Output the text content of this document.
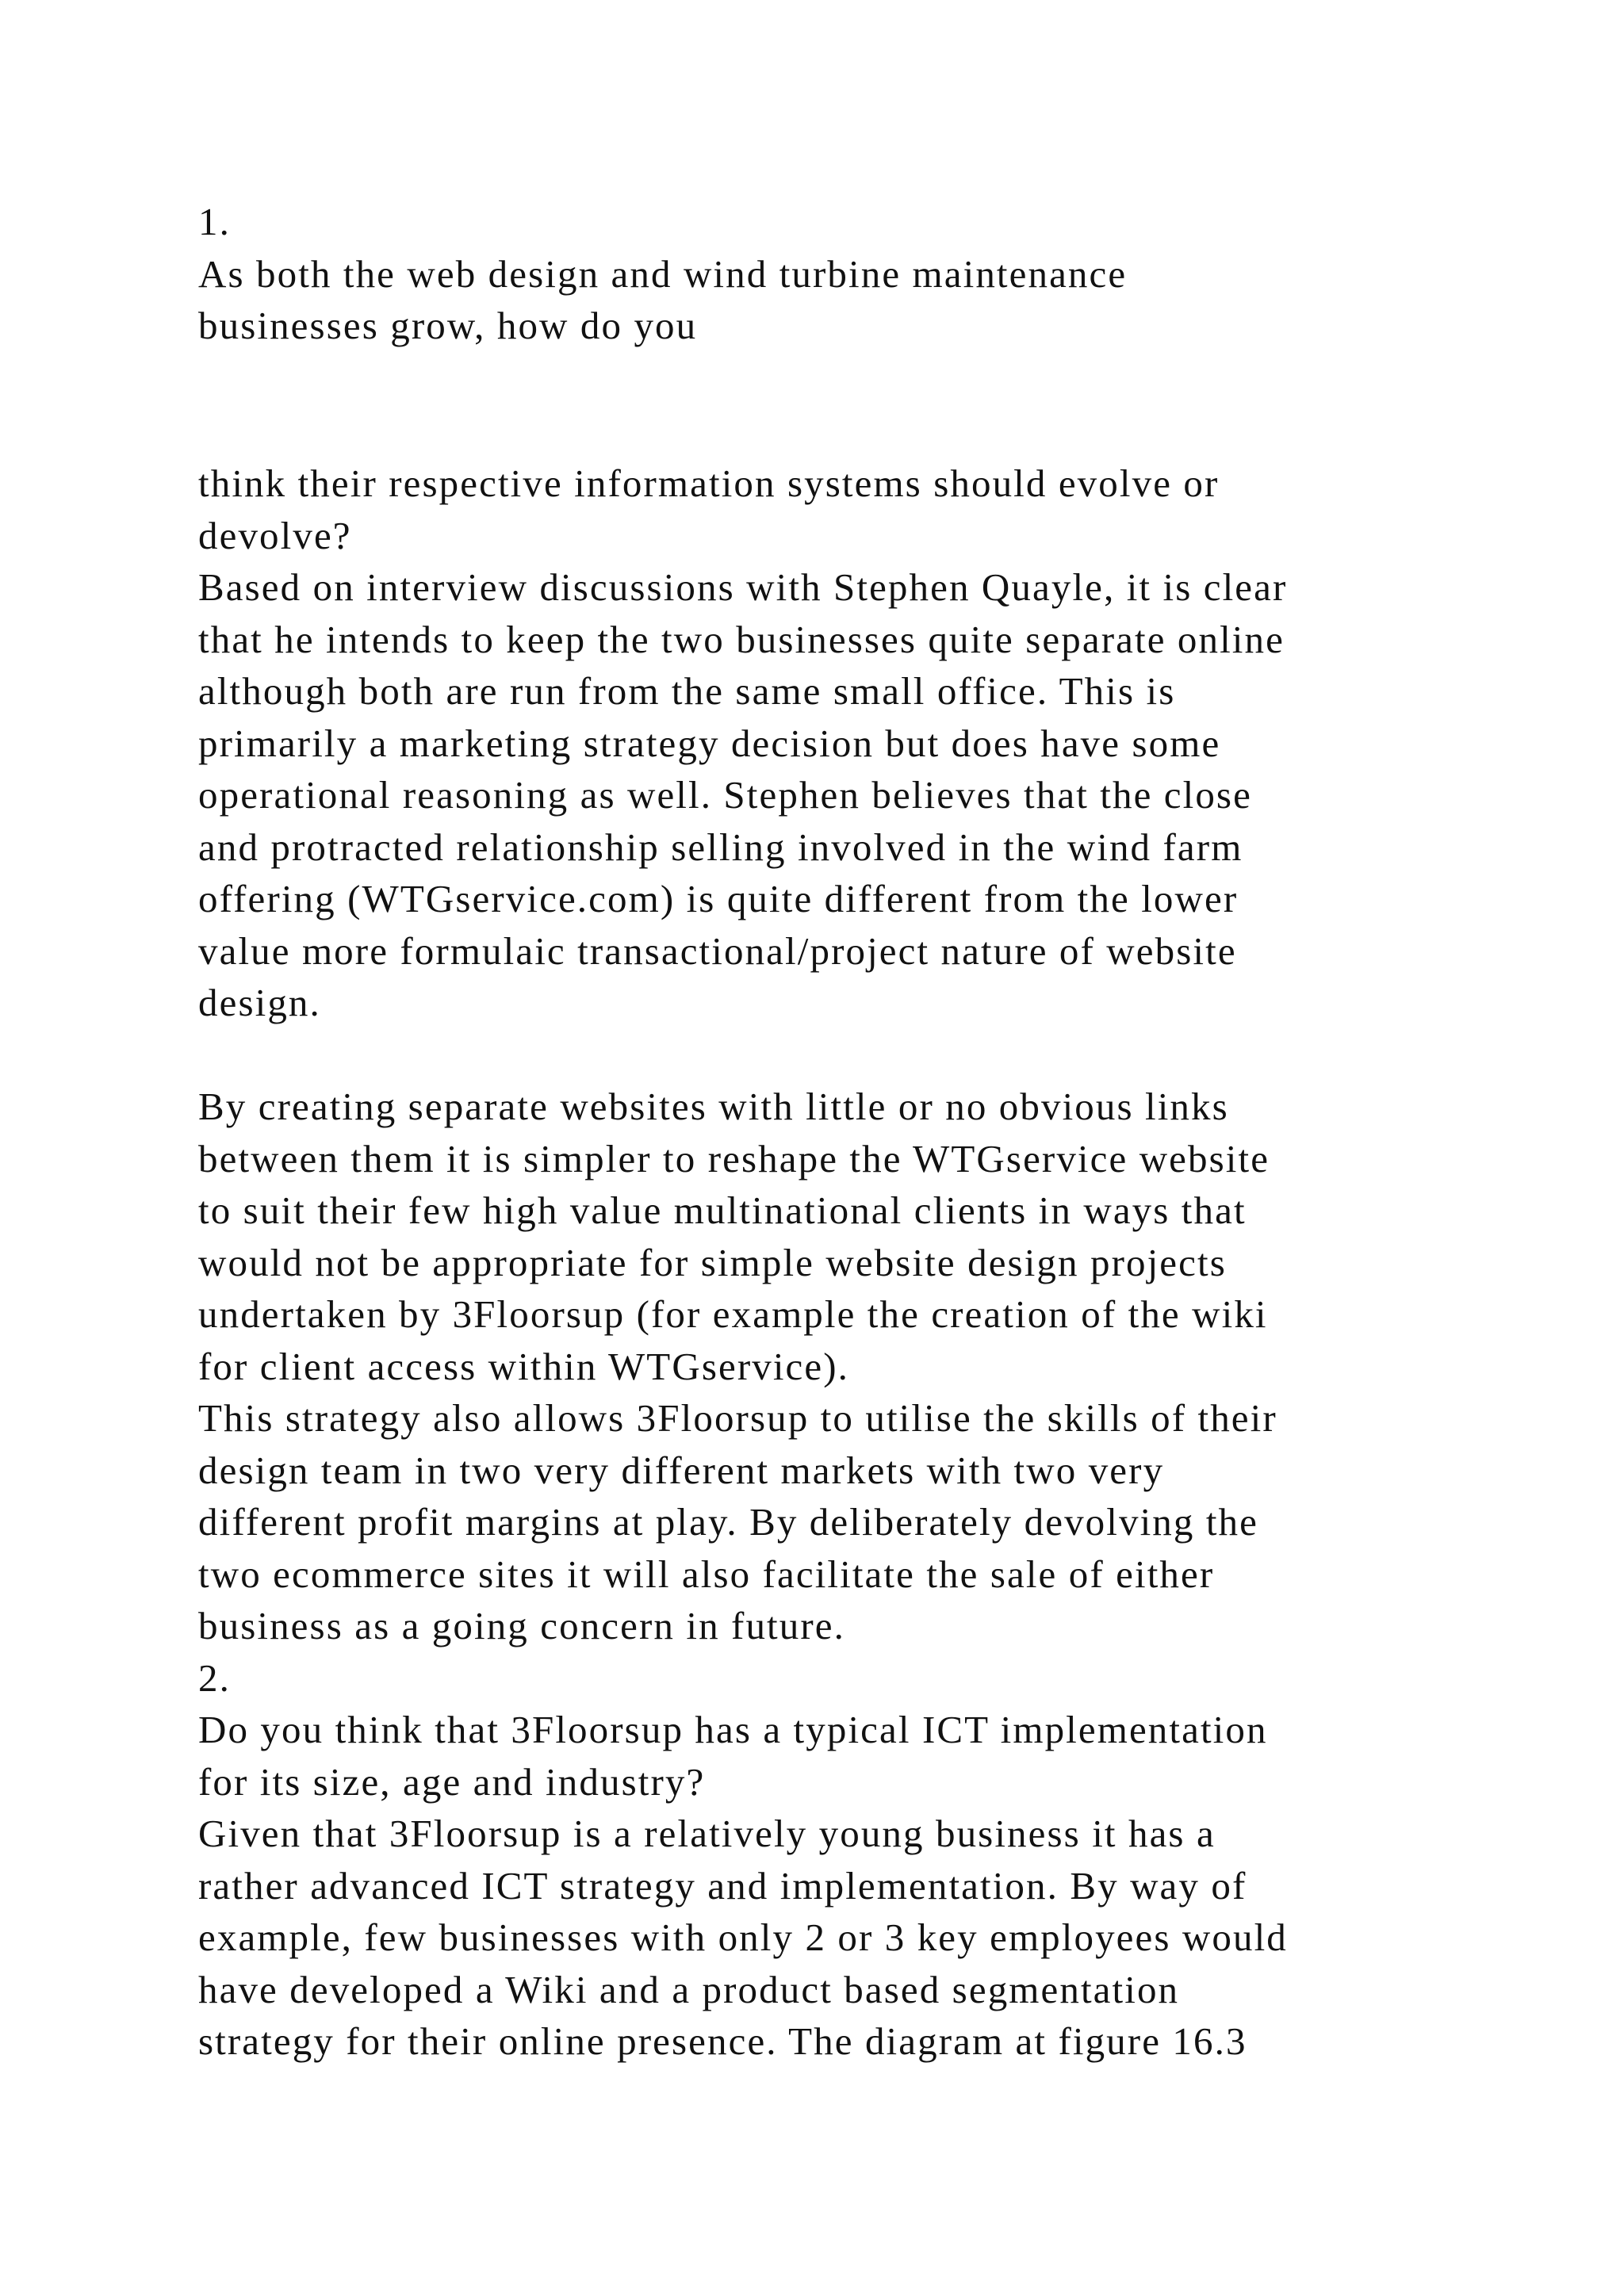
1.
As both the web design and wind turbine maintenance
businesses grow, how do you
think their respective information systems should evolve or
devolve?
Based on interview discussions with Stephen Quayle, it is clear
that he intends to keep the two businesses quite separate online
although both are run from the same small office. This is
primarily a marketing strategy decision but does have some
operational reasoning as well. Stephen believes that the close
and protracted relationship selling involved in the wind farm
offering (WTGservice.com) is quite different from the lower
value more formulaic transactional/project nature of website
design.
By creating separate websites with little or no obvious links
between them it is simpler to reshape the WTGservice website
to suit their few high value multinational clients in ways that
would not be appropriate for simple website design projects
undertaken by 3Floorsup (for example the creation of the wiki
for client access within WTGservice).
This strategy also allows 3Floorsup to utilise the skills of their
design team in two very different markets with two very
different profit margins at play. By deliberately devolving the
two ecommerce sites it will also facilitate the sale of either
business as a going concern in future.
2.
Do you think that 3Floorsup has a typical ICT implementation
for its size, age and industry?
Given that 3Floorsup is a relatively young business it has a
rather advanced ICT strategy and implementation. By way of
example, few businesses with only 2 or 3 key employees would
have developed a Wiki and a product based segmentation
strategy for their online presence. The diagram at figure 16.3
